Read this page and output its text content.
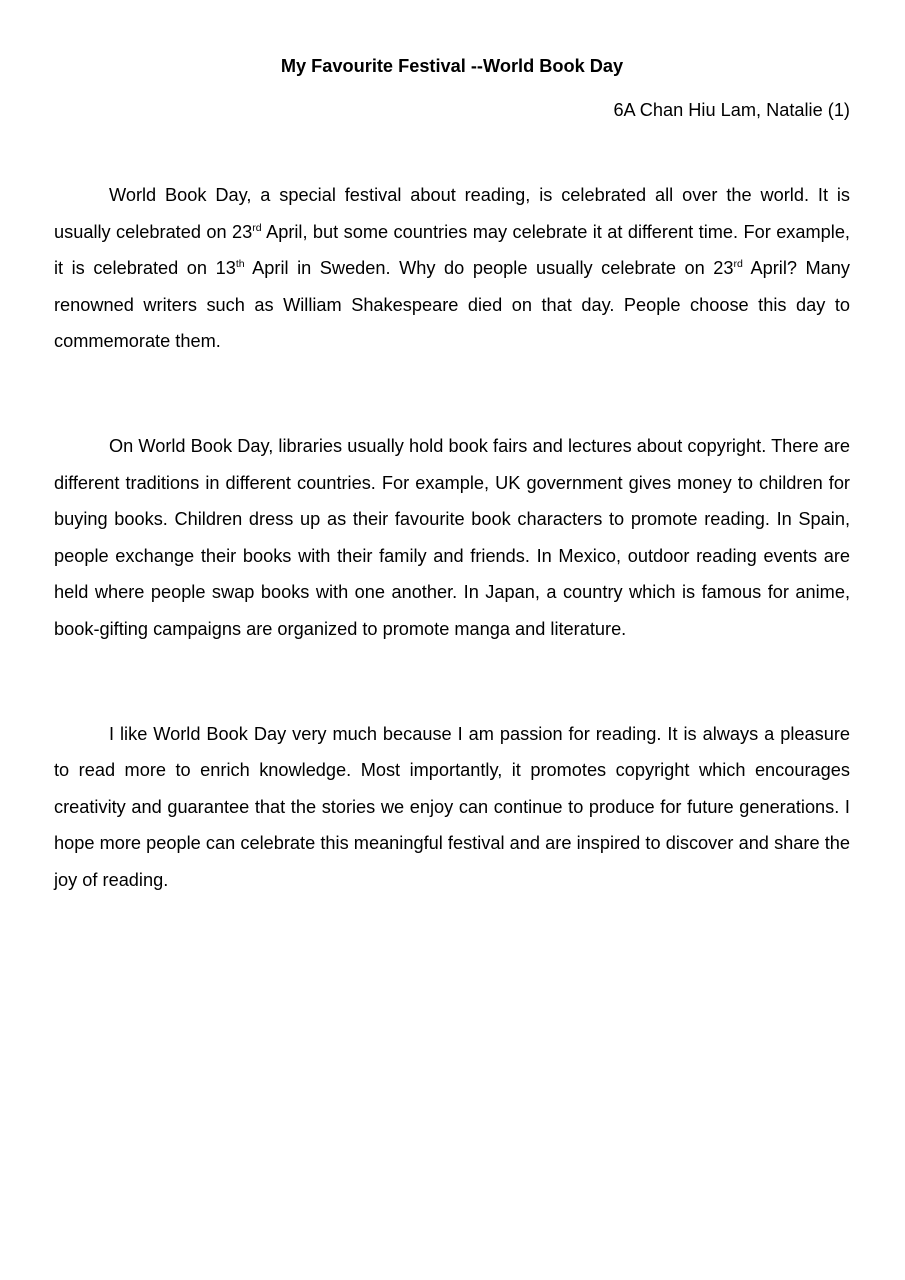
My Favourite Festival --World Book Day
6A Chan Hiu Lam, Natalie (1)

World Book Day, a special festival about reading, is celebrated all over the world. It is usually celebrated on 23rd April, but some countries may celebrate it at different time. For example, it is celebrated on 13th April in Sweden. Why do people usually celebrate on 23rd April? Many renowned writers such as William Shakespeare died on that day. People choose this day to commemorate them.

On World Book Day, libraries usually hold book fairs and lectures about copyright. There are different traditions in different countries. For example, UK government gives money to children for buying books. Children dress up as their favourite book characters to promote reading. In Spain, people exchange their books with their family and friends. In Mexico, outdoor reading events are held where people swap books with one another. In Japan, a country which is famous for anime, book-gifting campaigns are organized to promote manga and literature.

I like World Book Day very much because I am passion for reading. It is always a pleasure to read more to enrich knowledge. Most importantly, it promotes copyright which encourages creativity and guarantee that the stories we enjoy can continue to produce for future generations. I hope more people can celebrate this meaningful festival and are inspired to discover and share the joy of reading.
